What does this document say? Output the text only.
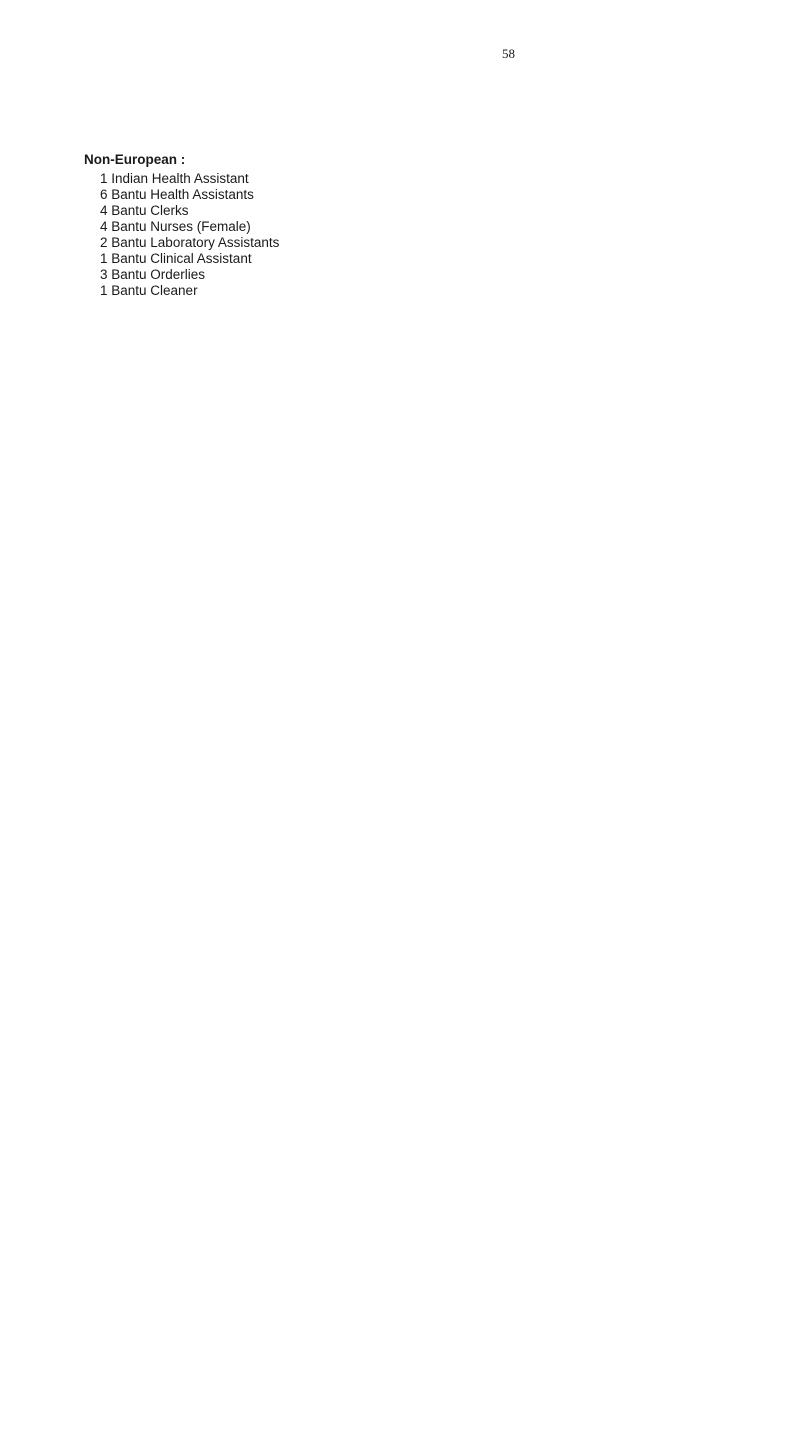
58
Non-European :
1 Indian Health Assistant
6 Bantu Health Assistants
4 Bantu Clerks
4 Bantu Nurses (Female)
2 Bantu Laboratory Assistants
1 Bantu Clinical Assistant
3 Bantu Orderlies
1 Bantu Cleaner
